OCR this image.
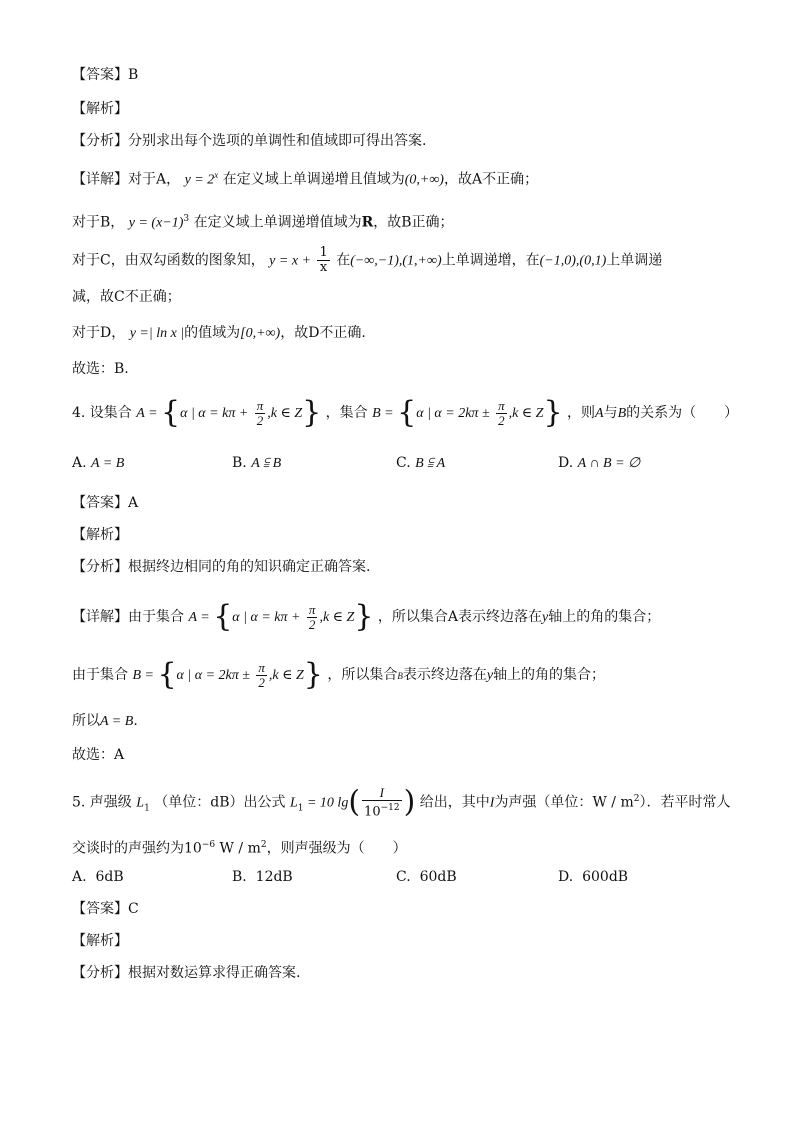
【答案】B
【解析】
【分析】分别求出每个选项的单调性和值域即可得出答案.
【详解】对于A， $y = 2^x$ 在定义域上单调递增且值域为(0,+∞)，故A不正确；
对于B， $y = (x-1)^3$ 在定义域上单调递增值域为R，故B正确；
对于C，由双勾函数的图象知， $y = x + \frac{1}{x}$ 在(−∞,−1),(1,+∞)上单调递增，在(−1,0),(0,1)上单调递
减，故C不正确；
对于D， y =| ln x |的值域为[0,+∞)，故D不正确.
故选：B.
4. 设集合 A = {α | $\alpha = k\pi + \frac{\pi}{2} ,k$ ∈ Z} ，集合 B = {α | $\alpha = 2k\pi \pm \frac{\pi}{2} ,k$ ∈ Z} ，则A与B的关系为（　　）
A. A = B	B. A ⫅ B	C. B ⫅ A	D. A ∩ B = ∅
【答案】A
【解析】
【分析】根据终边相同的角的知识确定正确答案.
【详解】由于集合 A = {α | $\alpha = k\pi + \frac{\pi}{2} ,k$ ∈ Z} ，所以集合A表示终边落在y轴上的角的集合；
由于集合 B = {α | $\alpha = 2k\pi \pm \frac{\pi}{2} ,k$ ∈ Z} ，所以集合B表示终边落在y轴上的角的集合；
所以A = B.
故选：A
5. 声强级 $L_1$ （单位：dB）出公式 $L_1 = 10$ $\lg( \frac{I}{10^{-12}}$ ) 给出，其中I为声强（单位：W / $m^2$）．若平时常人
交谈时的声强约为$10^{-6}$ W / $m^2$，则声强级为（　　）
A. 6dB	B. 12dB	C. 60dB	D. 600dB
【答案】C
【解析】
【分析】根据对数运算求得正确答案.
